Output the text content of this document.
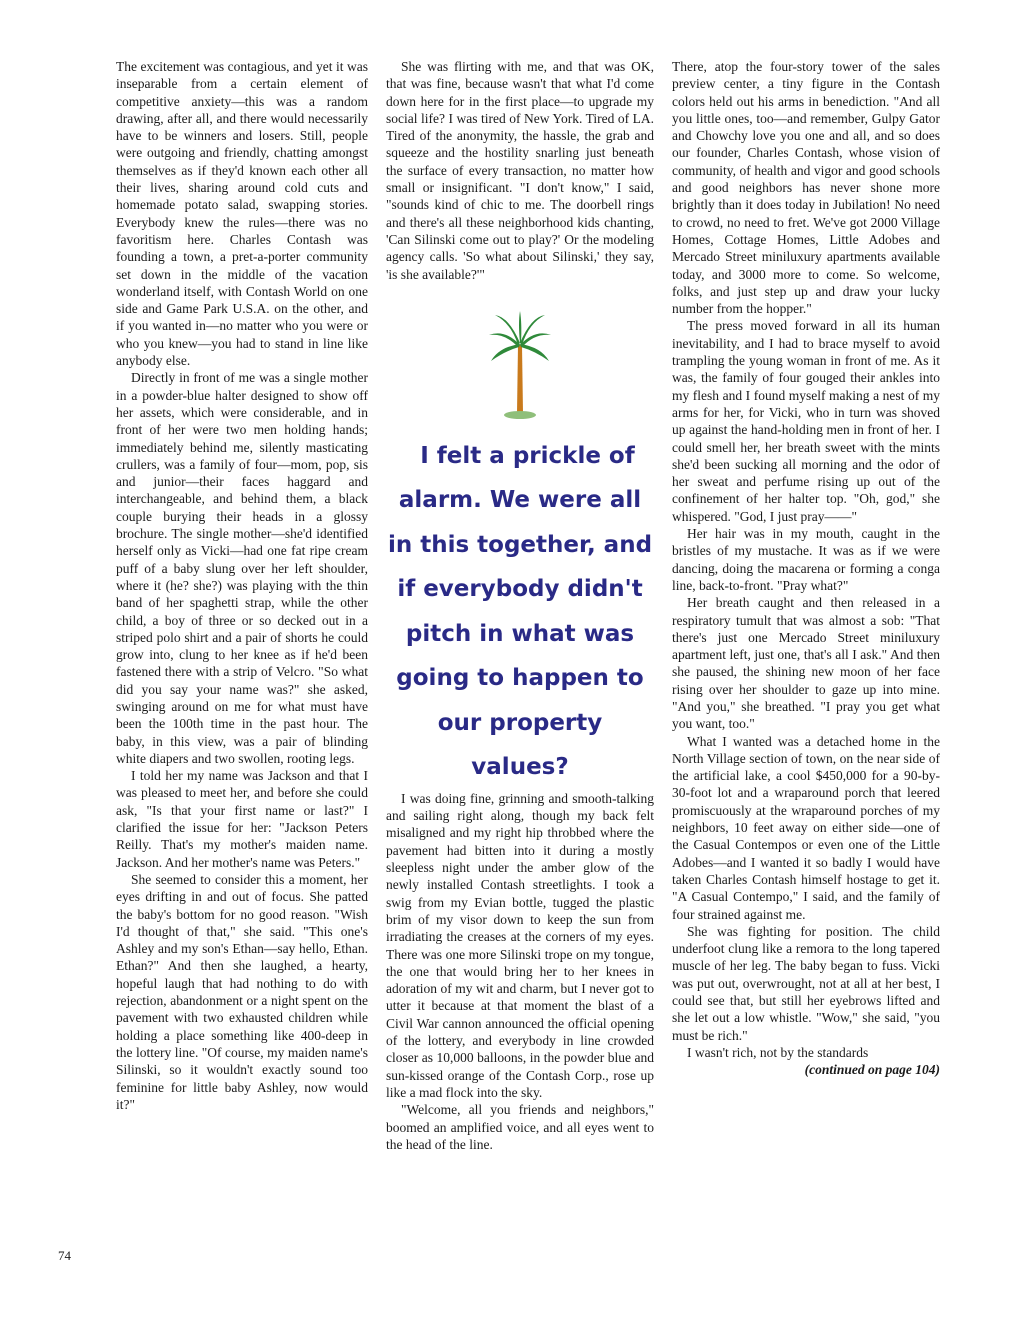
The excitement was contagious, and yet it was inseparable from a certain element of competitive anxiety—this was a random drawing, after all, and there would necessarily have to be winners and losers. Still, people were outgoing and friendly, chatting amongst themselves as if they'd known each other all their lives, sharing around cold cuts and homemade potato salad, swapping stories. Everybody knew the rules—there was no favoritism here. Charles Contash was founding a town, a pret-a-porter community set down in the middle of the vacation wonderland itself, with Contash World on one side and Game Park U.S.A. on the other, and if you wanted in—no matter who you were or who you knew—you had to stand in line like anybody else.

Directly in front of me was a single mother in a powder-blue halter designed to show off her assets, which were considerable, and in front of her were two men holding hands; immediately behind me, silently masticating crullers, was a family of four—mom, pop, sis and junior—their faces haggard and interchangeable, and behind them, a black couple burying their heads in a glossy brochure. The single mother—she'd identified herself only as Vicki—had one fat ripe cream puff of a baby slung over her left shoulder, where it (he? she?) was playing with the thin band of her spaghetti strap, while the other child, a boy of three or so decked out in a striped polo shirt and a pair of shorts he could grow into, clung to her knee as if he'd been fastened there with a strip of Velcro. "So what did you say your name was?" she asked, swinging around on me for what must have been the 100th time in the past hour. The baby, in this view, was a pair of blinding white diapers and two swollen, rooting legs.

I told her my name was Jackson and that I was pleased to meet her, and before she could ask, "Is that your first name or last?" I clarified the issue for her: "Jackson Peters Reilly. That's my mother's maiden name. Jackson. And her mother's name was Peters."

She seemed to consider this a moment, her eyes drifting in and out of focus. She patted the baby's bottom for no good reason. "Wish I'd thought of that," she said. "This one's Ashley and my son's Ethan—say hello, Ethan. Ethan?" And then she laughed, a hearty, hopeful laugh that had nothing to do with rejection, abandonment or a night spent on the pavement with two exhausted children while holding a place something like 400-deep in the lottery line. "Of course, my maiden name's Silinski, so it wouldn't exactly sound too feminine for little baby Ashley, now would it?"

She was flirting with me, and that was OK, that was fine, because wasn't that what I'd come down here for in the first place—to upgrade my social life? I was tired of New York. Tired of LA. Tired of the anonymity, the hassle, the grab and squeeze and the hostility snarling just beneath the surface of every transaction, no matter how small or insignificant. "I don't know," I said, "sounds kind of chic to me. The doorbell rings and there's all these neighborhood kids chanting, 'Can Silinski come out to play?' Or the modeling agency calls. 'So what about Silinski,' they say, 'is she available?'"

I felt a prickle of alarm. We were all in this together, and if everybody didn't pitch in what was going to happen to our property values?

I was doing fine, grinning and smooth-talking and sailing right along, though my back felt misaligned and my right hip throbbed where the pavement had bitten into it during a mostly sleepless night under the amber glow of the newly installed Contash streetlights. I took a swig from my Evian bottle, tugged the plastic brim of my visor down to keep the sun from irradiating the creases at the corners of my eyes. There was one more Silinski trope on my tongue, the one that would bring her to her knees in adoration of my wit and charm, but I never got to utter it because at that moment the blast of a Civil War cannon announced the official opening of the lottery, and everybody in line crowded closer as 10,000 balloons, in the powder blue and sun-kissed orange of the Contash Corp., rose up like a mad flock into the sky.

"Welcome, all you friends and neighbors," boomed an amplified voice, and all eyes went to the head of the line.

There, atop the four-story tower of the sales preview center, a tiny figure in the Contash colors held out his arms in benediction. "And all you little ones, too—and remember, Gulpy Gator and Chowchy love you one and all, and so does our founder, Charles Contash, whose vision of community, of health and vigor and good schools and good neighbors has never shone more brightly than it does today in Jubilation! No need to crowd, no need to fret. We've got 2000 Village Homes, Cottage Homes, Little Adobes and Mercado Street miniluxury apartments available today, and 3000 more to come. So welcome, folks, and just step up and draw your lucky number from the hopper."

The press moved forward in all its human inevitability, and I had to brace myself to avoid trampling the young woman in front of me. As it was, the family of four gouged their ankles into my flesh and I found myself making a nest of my arms for her, for Vicki, who in turn was shoved up against the hand-holding men in front of her. I could smell her, her breath sweet with the mints she'd been sucking all morning and the odor of her sweat and perfume rising up out of the confinement of her halter top. "Oh, god," she whispered. "God, I just pray——"

Her hair was in my mouth, caught in the bristles of my mustache. It was as if we were dancing, doing the macarena or forming a conga line, back-to-front. "Pray what?"

Her breath caught and then released in a respiratory tumult that was almost a sob: "That there's just one Mercado Street miniluxury apartment left, just one, that's all I ask." And then she paused, the shining new moon of her face rising over her shoulder to gaze up into mine. "And you," she breathed. "I pray you get what you want, too."

What I wanted was a detached home in the North Village section of town, on the near side of the artificial lake, a cool $450,000 for a 90-by-30-foot lot and a wraparound porch that leered promiscuously at the wraparound porches of my neighbors, 10 feet away on either side—one of the Casual Contempos or even one of the Little Adobes—and I wanted it so badly I would have taken Charles Contash himself hostage to get it. "A Casual Contempo," I said, and the family of four strained against me.

She was fighting for position. The child underfoot clung like a remora to the long tapered muscle of her leg. The baby began to fuss. Vicki was put out, overwrought, not at all at her best, I could see that, but still her eyebrows lifted and she let out a low whistle. "Wow," she said, "you must be rich."

I wasn't rich, not by the standards

(continued on page 104)

74
